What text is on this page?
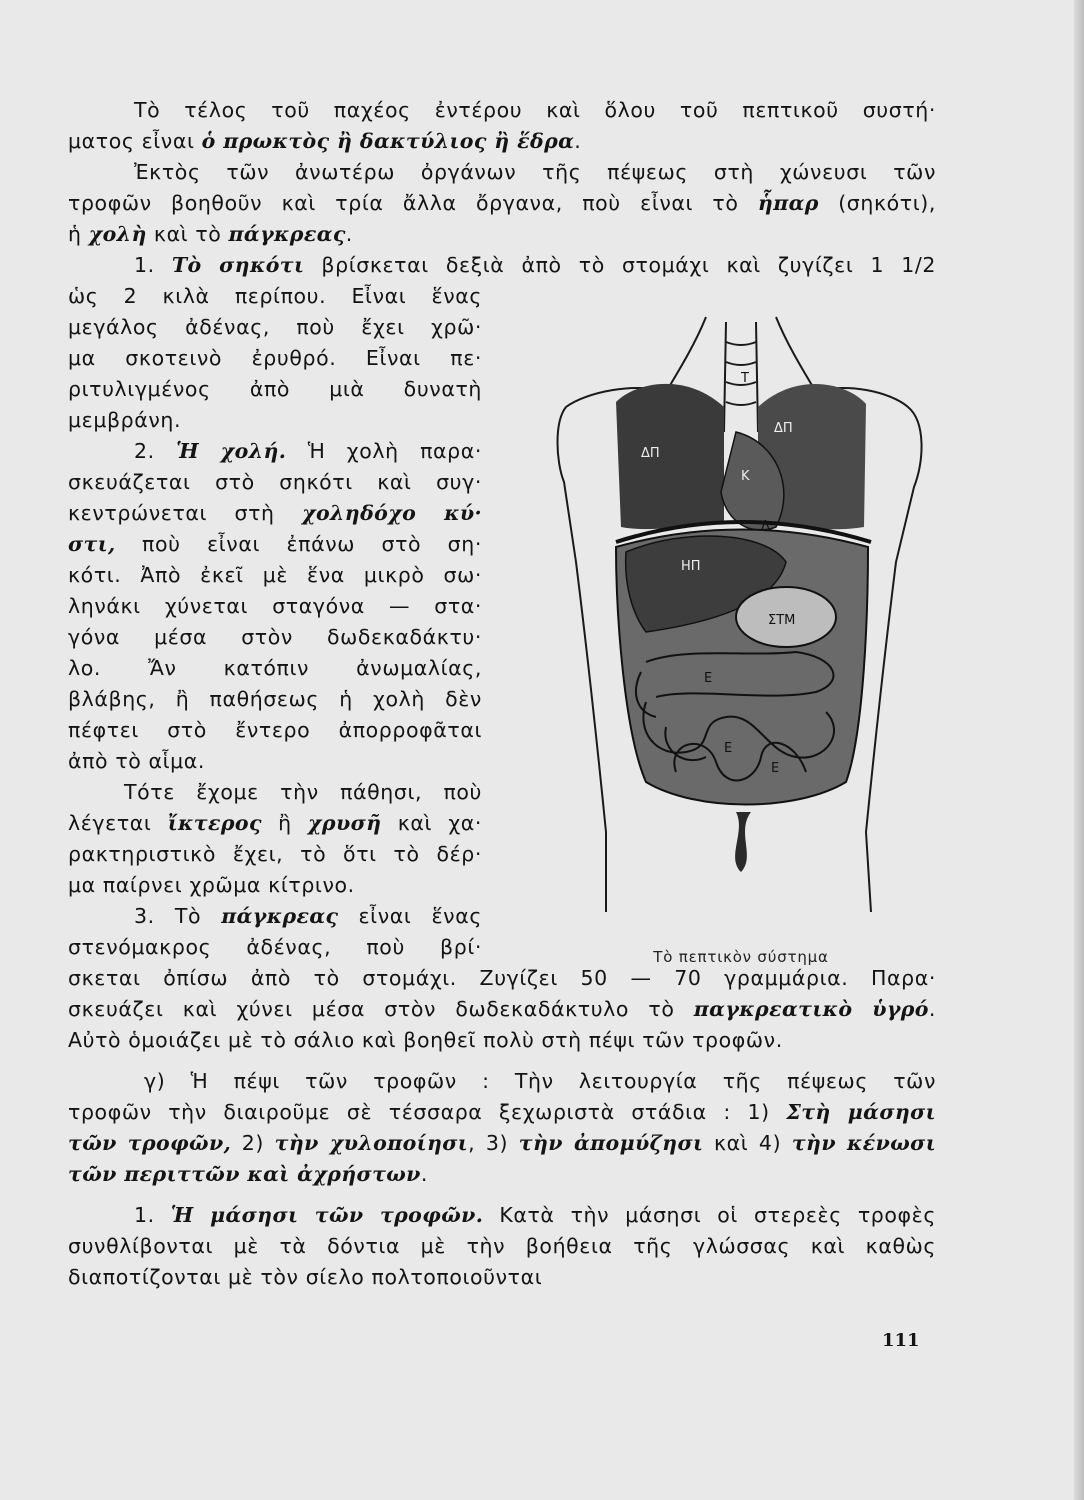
Τὸ τέλος τοῦ παχέος ἐντέρου καὶ ὅλου τοῦ πεπτικοῦ συστή·
ματος εἶναι ὁ πρωκτὸς ἢ δακτύλιος ἢ ἕδρα.
Ἐκτὸς τῶν ἀνωτέρω ὀργάνων τῆς πέψεως στὴ χώνευσι τῶν
τροφῶν βοηθοῦν καὶ τρία ἄλλα ὄργανα, ποὺ εἶναι τὸ ἧπαρ (σηκότι),
ἡ χολὴ καὶ τὸ πάγκρεας.
1. Τὸ σηκότι βρίσκεται δεξιὰ ἀπὸ τὸ στομάχι καὶ ζυγίζει 1 1/2
ὡς 2 κιλὰ περίπου. Εἶναι ἕνας
μεγάλος ἀδένας, ποὺ ἔχει χρῶ·
μα σκοτεινὸ ἐρυθρό. Εἶναι πε·
ριτυλιγμένος ἀπὸ μιὰ δυνατὴ
μεμβράνη.
2. Ἡ χολή. Ἡ χολὴ παρα·
σκευάζεται στὸ σηκότι καὶ συγ·
κεντρώνεται στὴ χοληδόχο κύ·
στι, ποὺ εἶναι ἐπάνω στὸ ση·
κότι. Ἀπὸ ἐκεῖ μὲ ἕνα μικρὸ σω·
ληνάκι χύνεται σταγόνα — στα·
γόνα μέσα στὸν δωδεκαδάκτυ·
λο. Ἄν κατόπιν ἀνωμαλίας,
βλάβης, ἢ παθήσεως ἡ χολὴ δὲν
πέφτει στὸ ἔντερο ἀπορροφᾶται
ἀπὸ τὸ αἷμα.
Τότε ἔχομε τὴν πάθησι, ποὺ
λέγεται ἴκτερος ἢ χρυσῆ καὶ χα·
ρακτηριστικὸ ἔχει, τὸ ὅτι τὸ δέρ·
μα παίρνει χρῶμα κίτρινο.
3. Τὸ πάγκρεας εἶναι ἕνας
στενόμακρος ἀδένας, ποὺ βρί·
σκεται ὀπίσω ἀπὸ τὸ στομάχι. Ζυγίζει 50 — 70 γραμμάρια. Παρα·
σκευάζει καὶ χύνει μέσα στὸν δωδεκαδάκτυλο τὸ παγκρεατικὸ ὑγρό.
Αὐτὸ ὁμοιάζει μὲ τὸ σάλιο καὶ βοηθεῖ πολὺ στὴ πέψι τῶν τροφῶν.
γ) Ἡ πέψι τῶν τροφῶν : Τὴν λειτουργία τῆς πέψεως τῶν
τροφῶν τὴν διαιροῦμε σὲ τέσσαρα ξεχωριστὰ στάδια : 1) Στὴ μάσησι
τῶν τροφῶν, 2) τὴν χυλοποίησι, 3) τὴν ἀπομύζησι καὶ 4) τὴν κένωσι
τῶν περιττῶν καὶ ἀχρήστων.
1. Ἡ μάσησι τῶν τροφῶν. Κατὰ τὴν μάσησι οἱ στερεὲς τροφὲς
συνθλίβονται μὲ τὰ δόντια μὲ τὴν βοήθεια τῆς γλώσσας καὶ καθὼς
διαποτίζονται μὲ τὸν σίελο πολτοποιοῦνται
Τ
ΔΠ
ΔΠ
Κ
Δ
ΗΠ
ΣΤΜ
Ε
Ε
Ε
Τὸ πεπτικὸν σύστημα
111
